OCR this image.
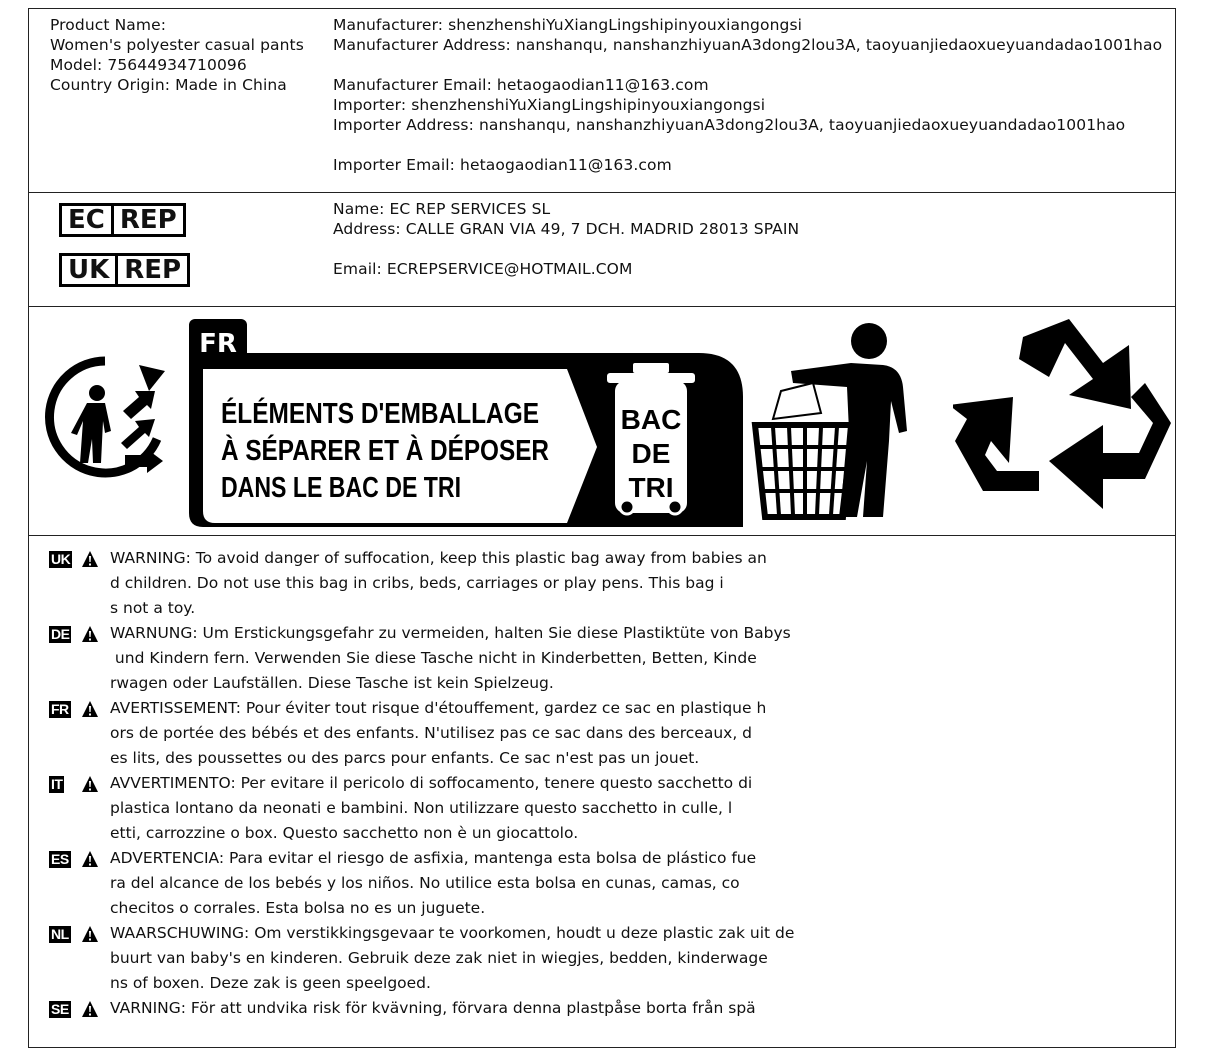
Product Name:
Women's polyester casual pants
Model: 75644934710096
Country Origin: Made in China
Manufacturer: shenzhenshiYuXiangLingshipinyouxiangongsi
Manufacturer Address: nanshanqu, nanshanzhiyuanA3dong2lou3A, taoyuanjiedaoxueyuandadao1001hao
Manufacturer Email: hetaogaodian11@163.com
Importer: shenzhenshiYuXiangLingshipinyouxiangongsi
Importer Address: nanshanqu, nanshanzhiyuanA3dong2lou3A, taoyuanjiedaoxueyuandadao1001hao
Importer Email: hetaogaodian11@163.com
EC REP
UK REP
Name: EC REP SERVICES SL
Address: CALLE GRAN VIA 49, 7 DCH. MADRID 28013 SPAIN
Email: ECREPSERVICE@HOTMAIL.COM
FR
ÉLÉMENTS D'EMBALLAGE
À SÉPARER ET À DÉPOSER
DANS LE BAC DE TRI
BAC
DE
TRI
UK	WARNING: To avoid danger of suffocation, keep this plastic bag away from babies an
d children. Do not use this bag in cribs, beds, carriages or play pens. This bag i
s not a toy.
DE	WARNUNG: Um Erstickungsgefahr zu vermeiden, halten Sie diese Plastiktüte von Babys
und Kindern fern. Verwenden Sie diese Tasche nicht in Kinderbetten, Betten, Kinde
rwagen oder Laufställen. Diese Tasche ist kein Spielzeug.
FR	AVERTISSEMENT: Pour éviter tout risque d'étouffement, gardez ce sac en plastique h
ors de portée des bébés et des enfants. N'utilisez pas ce sac dans des berceaux, d
es lits, des poussettes ou des parcs pour enfants. Ce sac n'est pas un jouet.
IT	AVVERTIMENTO: Per evitare il pericolo di soffocamento, tenere questo sacchetto di
plastica lontano da neonati e bambini. Non utilizzare questo sacchetto in culle, l
etti, carrozzine o box. Questo sacchetto non è un giocattolo.
ES	ADVERTENCIA: Para evitar el riesgo de asfixia, mantenga esta bolsa de plástico fue
ra del alcance de los bebés y los niños. No utilice esta bolsa en cunas, camas, co
checitos o corrales. Esta bolsa no es un juguete.
NL	WAARSCHUWING: Om verstikkingsgevaar te voorkomen, houdt u deze plastic zak uit de
buurt van baby's en kinderen. Gebruik deze zak niet in wiegjes, bedden, kinderwage
ns of boxen. Deze zak is geen speelgoed.
SE	VARNING: För att undvika risk för kvävning, förvara denna plastpåse borta från spä
